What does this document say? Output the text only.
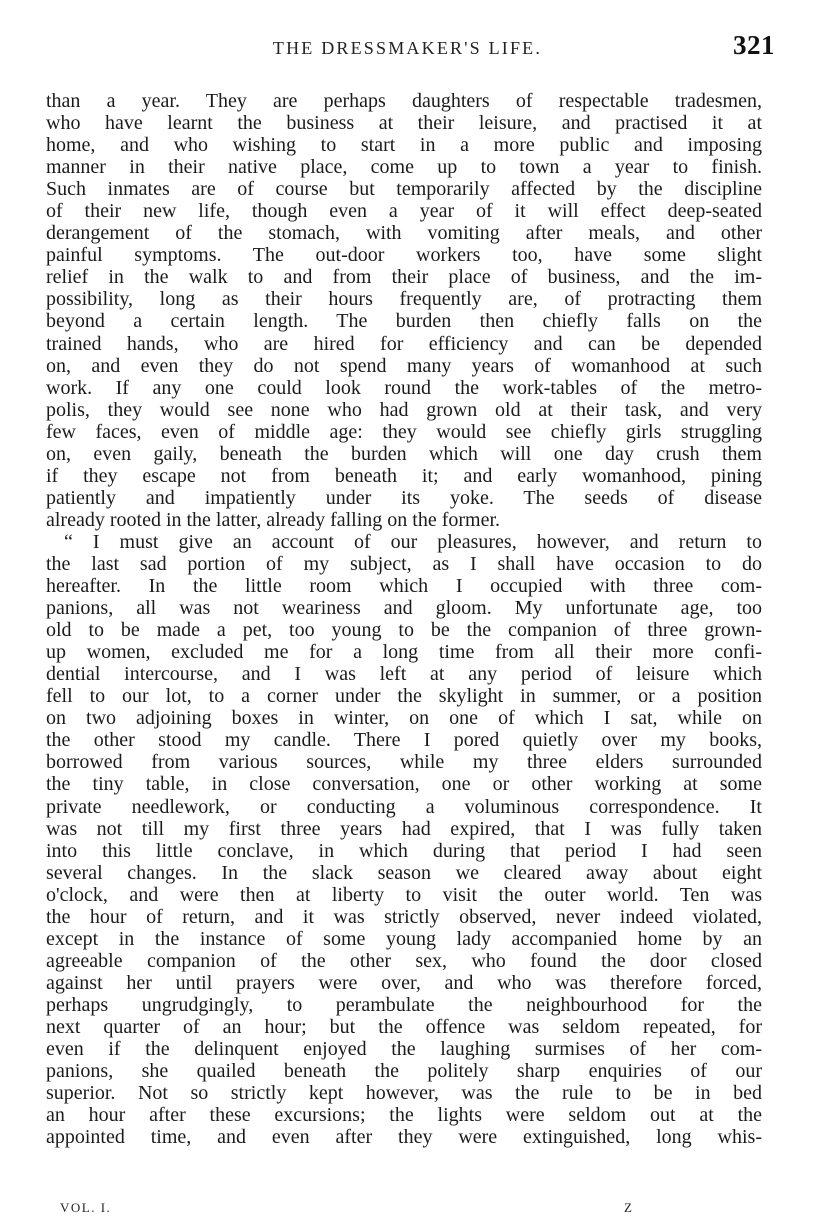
THE DRESSMAKER'S LIFE.	321
than a year. They are perhaps daughters of respectable tradesmen,
who have learnt the business at their leisure, and practised it at
home, and who wishing to start in a more public and imposing
manner in their native place, come up to town a year to finish.
Such inmates are of course but temporarily affected by the discipline
of their new life, though even a year of it will effect deep-seated
derangement of the stomach, with vomiting after meals, and other
painful symptoms. The out-door workers too, have some slight
relief in the walk to and from their place of business, and the im-
possibility, long as their hours frequently are, of protracting them
beyond a certain length. The burden then chiefly falls on the
trained hands, who are hired for efficiency and can be depended
on, and even they do not spend many years of womanhood at such
work. If any one could look round the work-tables of the metro-
polis, they would see none who had grown old at their task, and very
few faces, even of middle age: they would see chiefly girls struggling
on, even gaily, beneath the burden which will one day crush them
if they escape not from beneath it; and early womanhood, pining
patiently and impatiently under its yoke. The seeds of disease
already rooted in the latter, already falling on the former.
“ I must give an account of our pleasures, however, and return to
the last sad portion of my subject, as I shall have occasion to do
hereafter. In the little room which I occupied with three com-
panions, all was not weariness and gloom. My unfortunate age, too
old to be made a pet, too young to be the companion of three grown-
up women, excluded me for a long time from all their more confi-
dential intercourse, and I was left at any period of leisure which
fell to our lot, to a corner under the skylight in summer, or a position
on two adjoining boxes in winter, on one of which I sat, while on
the other stood my candle. There I pored quietly over my books,
borrowed from various sources, while my three elders surrounded
the tiny table, in close conversation, one or other working at some
private needlework, or conducting a voluminous correspondence. It
was not till my first three years had expired, that I was fully taken
into this little conclave, in which during that period I had seen
several changes. In the slack season we cleared away about eight
o'clock, and were then at liberty to visit the outer world. Ten was
the hour of return, and it was strictly observed, never indeed violated,
except in the instance of some young lady accompanied home by an
agreeable companion of the other sex, who found the door closed
against her until prayers were over, and who was therefore forced,
perhaps ungrudgingly, to perambulate the neighbourhood for the
next quarter of an hour; but the offence was seldom repeated, for
even if the delinquent enjoyed the laughing surmises of her com-
panions, she quailed beneath the politely sharp enquiries of our
superior. Not so strictly kept however, was the rule to be in bed
an hour after these excursions; the lights were seldom out at the
appointed time, and even after they were extinguished, long whis-
VOL. I.	Z
